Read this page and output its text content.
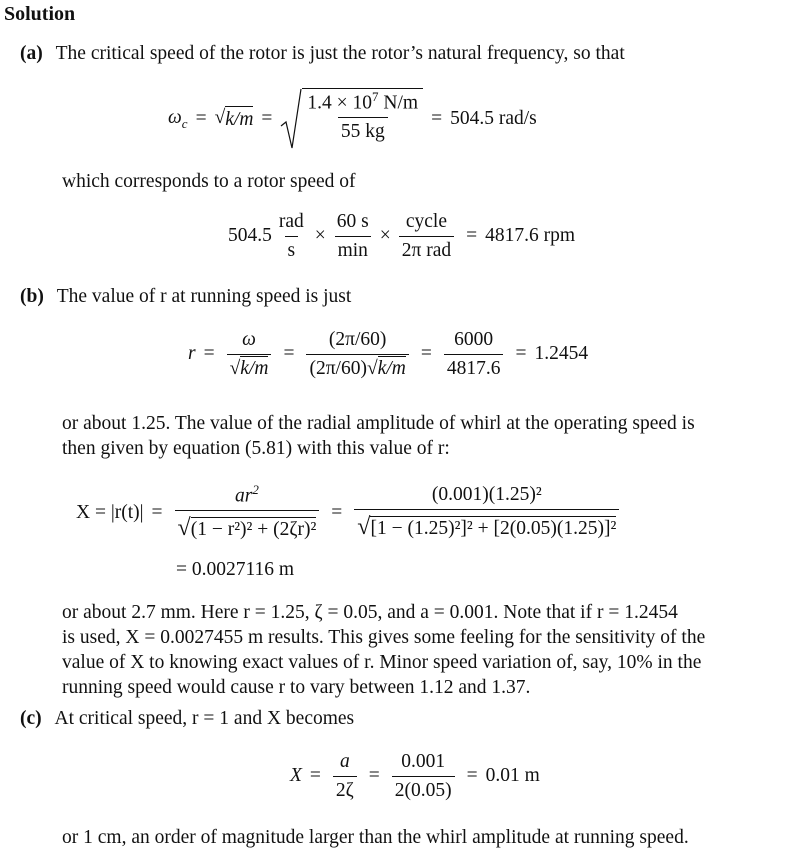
Solution
(a) The critical speed of the rotor is just the rotor’s natural frequency, so that
$\omega_c$ = √ $k/m = \frac{1.4 \times 10^7 N/m}{55 kg} = 504.5$ rad/s
which corresponds to a rotor speed of
$504.5 \frac{\text{rad}}{s} \times \frac{60 s}{\min} \times \frac{\text{cycle}}{\text{2π rad}} = 4817.6$ rpm
(b) The value of r at running speed is just
$r = \frac{\omega}{√k/m} = \frac{(2\pi/60)}{(2\pi/60)√k/m} = \frac{6000}{4817.6} = 1.2454$
or about 1.25. The value of the radial amplitude of whirl at the operating speed is
then given by equation (5.81) with this value of r:
$X = |r(t)| = \frac{ar^2}{\text{√(1 − r²)² + (2ζr)²}} = \frac{\text{(0.001)(1.25)²}}{\text{√[1 − (1.25)²]² + [2(0.05)(1.25)]²}}$
= 0.0027116 m
or about 2.7 mm. Here r = 1.25, ζ = 0.05, and a = 0.001. Note that if r = 1.2454
is used, X = 0.0027455 m results. This gives some feeling for the sensitivity of the
value of X to knowing exact values of r. Minor speed variation of, say, 10% in the
running speed would cause r to vary between 1.12 and 1.37.
(c) At critical speed, r = 1 and X becomes
$X = \frac{a}{2\zeta} = \frac{0.001}{2(0.05)} = 0.01$ m
or 1 cm, an order of magnitude larger than the whirl amplitude at running speed.
